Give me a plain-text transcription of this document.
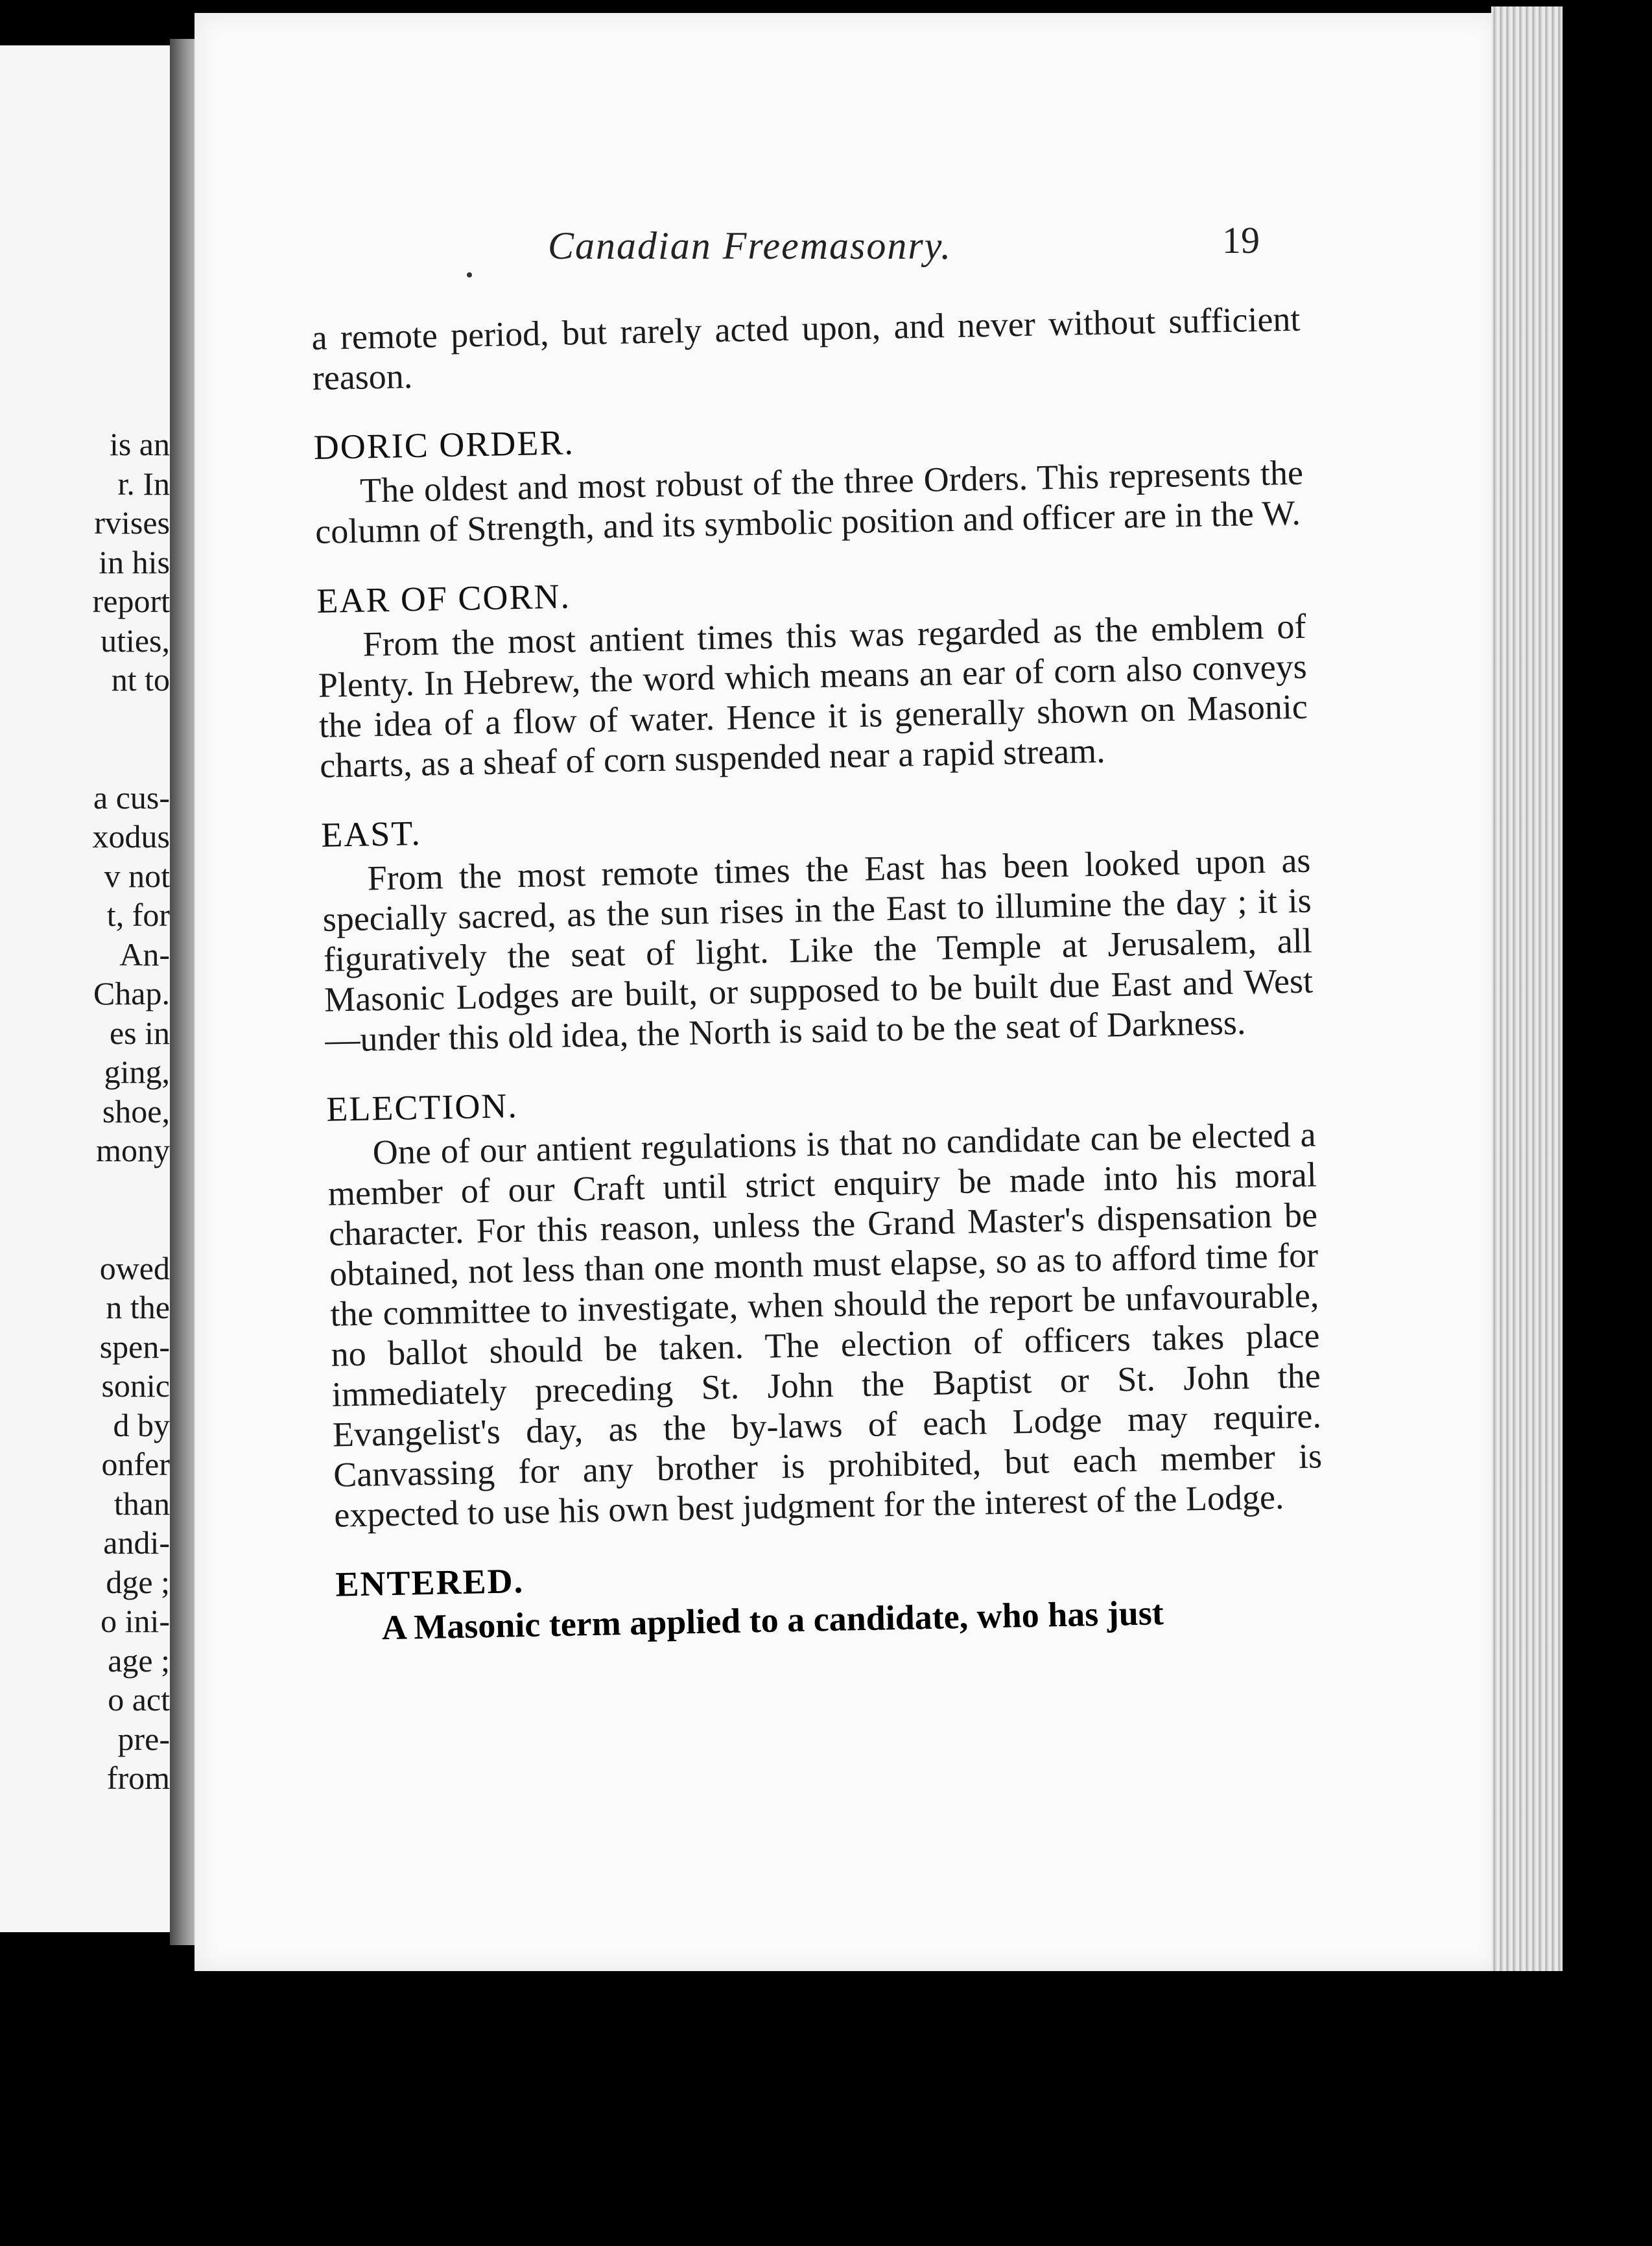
is an
r. In
rvises
in his
report
uties,
nt to
a cus-
xodus
v not
t, for
An-
Chap.
es in
ging,
shoe,
mony
owed
n the
spen-
sonic
d by
onfer
than
andi-
dge ;
o ini-
age ;
o act
pre-
from
Canadian Freemasonry.	19

a remote period, but rarely acted upon, and never without sufficient reason.

DORIC ORDER.

The oldest and most robust of the three Orders. This represents the column of Strength, and its symbolic position and officer are in the W.

EAR OF CORN.

From the most antient times this was regarded as the emblem of Plenty. In Hebrew, the word which means an ear of corn also conveys the idea of a flow of water. Hence it is generally shown on Masonic charts, as a sheaf of corn suspended near a rapid stream.

EAST.

From the most remote times the East has been looked upon as specially sacred, as the sun rises in the East to illumine the day ; it is figuratively the seat of light. Like the Temple at Jerusalem, all Masonic Lodges are built, or supposed to be built due East and West—under this old idea, the North is said to be the seat of Darkness.

ELECTION.

One of our antient regulations is that no candidate can be elected a member of our Craft until strict enquiry be made into his moral character. For this reason, unless the Grand Master's dispensation be obtained, not less than one month must elapse, so as to afford time for the committee to investigate, when should the report be unfavourable, no ballot should be taken. The election of officers takes place immediately preceding St. John the Baptist or St. John the Evangelist's day, as the by-laws of each Lodge may require. Canvassing for any brother is prohibited, but each member is expected to use his own best judgment for the interest of the Lodge.

ENTERED.

A Masonic term applied to a candidate, who has just
